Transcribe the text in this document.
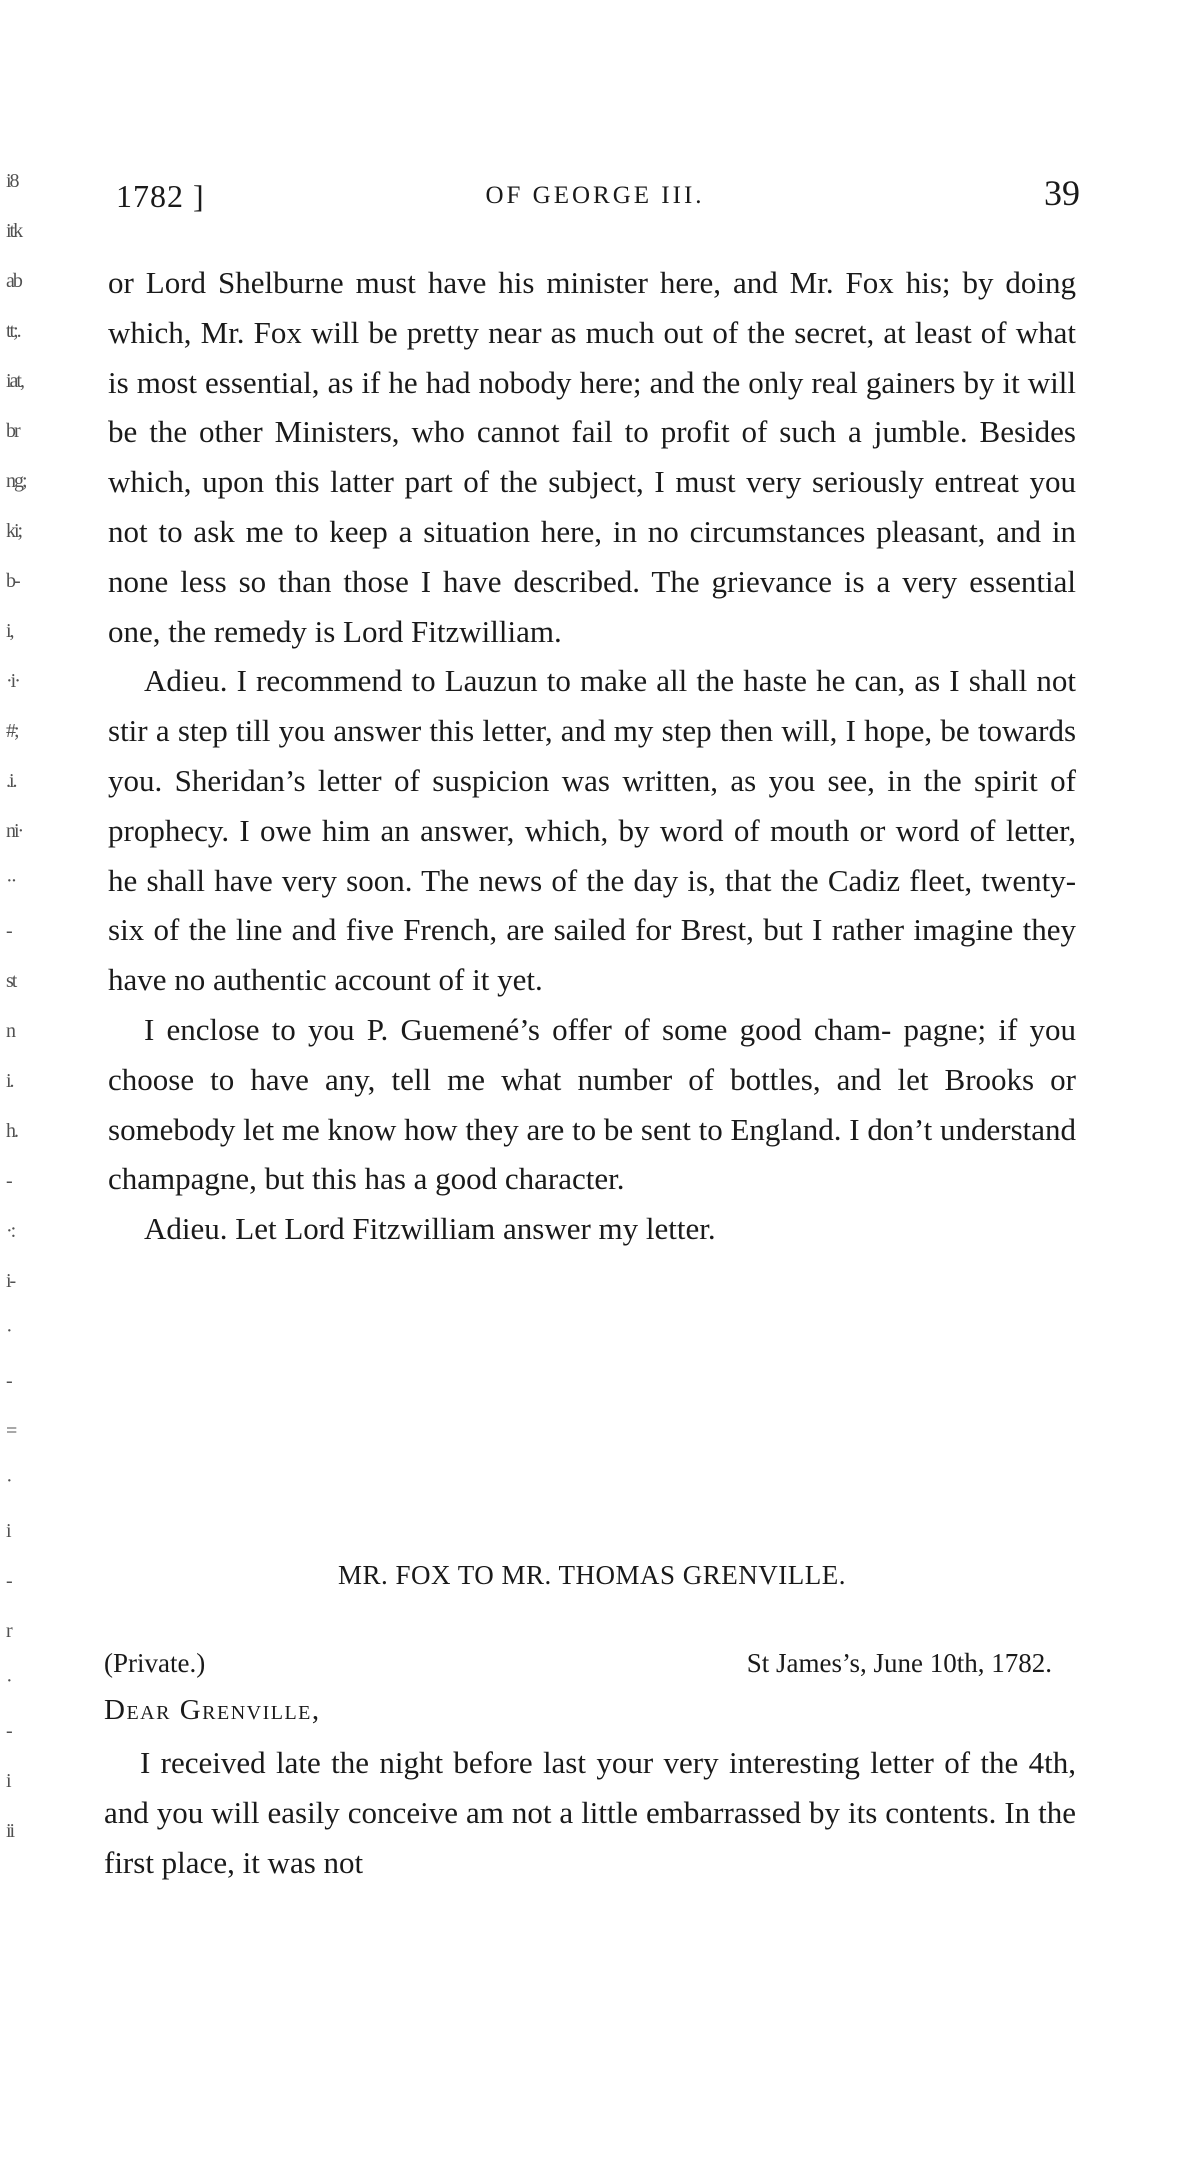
i8
itk
ab
tt;.
iat,
br
ng;
ki;
b-
i,
·i·
#;
.i.
ni·
··
-
st
n
i.
h.
-
·:
i-
·
-
=
·
i
-
r
·
-
i
ii
1782 ]	OF GEORGE III.	39

or Lord Shelburne must have his minister here, and Mr. Fox his; by doing which, Mr. Fox will be pretty near as much out of the secret, at least of what is most essential, as if he had nobody here; and the only real gainers by it will be the other Ministers, who cannot fail to profit of such a jumble. Besides which, upon this latter part of the subject, I must very seriously entreat you not to ask me to keep a situation here, in no circumstances pleasant, and in none less so than those I have described. The grievance is a very essential one, the remedy is Lord Fitzwilliam.

Adieu. I recommend to Lauzun to make all the haste he can, as I shall not stir a step till you answer this letter, and my step then will, I hope, be towards you. Sheridan’s letter of suspicion was written, as you see, in the spirit of prophecy. I owe him an answer, which, by word of mouth or word of letter, he shall have very soon. The news of the day is, that the Cadiz fleet, twenty-six of the line and five French, are sailed for Brest, but I rather imagine they have no authentic account of it yet.

I enclose to you P. Guemené’s offer of some good cham- pagne; if you choose to have any, tell me what number of bottles, and let Brooks or somebody let me know how they are to be sent to England. I don’t understand champagne, but this has a good character.

Adieu. Let Lord Fitzwilliam answer my letter.

MR. FOX TO MR. THOMAS GRENVILLE.
(Private.)	St James’s, June 10th, 1782.
Dear Grenville,

I received late the night before last your very interesting letter of the 4th, and you will easily conceive am not a little embarrassed by its contents. In the first place, it was not
